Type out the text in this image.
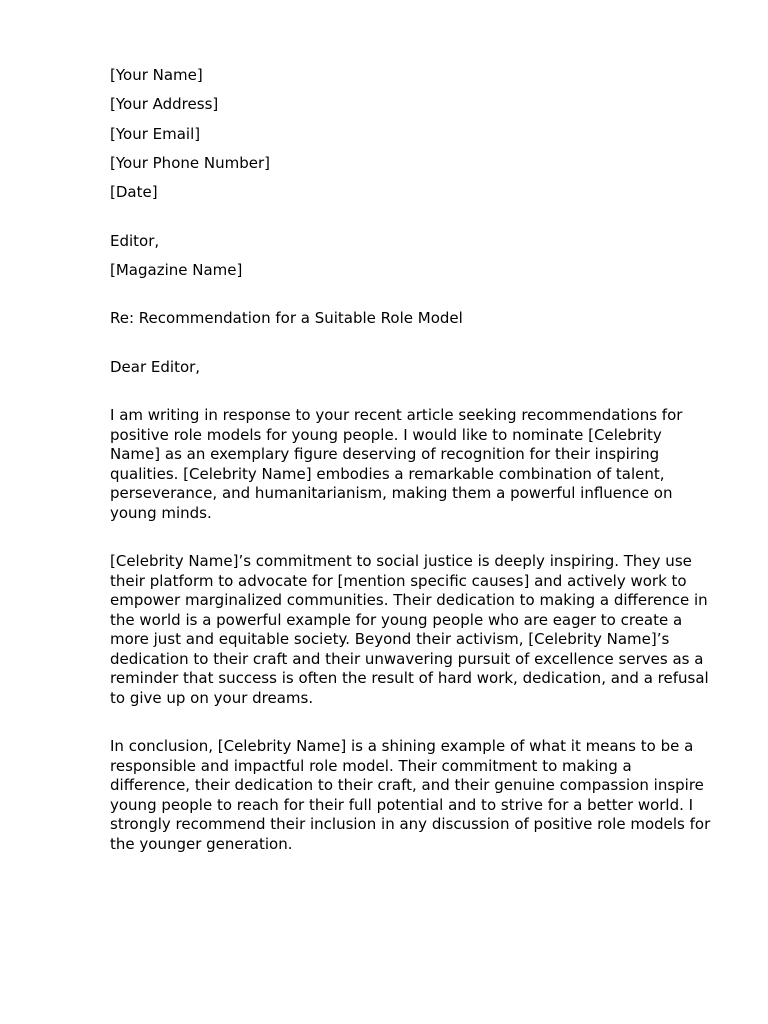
[Your Name]

[Your Address]

[Your Email]

[Your Phone Number]

[Date]

Editor,

[Magazine Name]

Re: Recommendation for a Suitable Role Model

Dear Editor,

I am writing in response to your recent article seeking recommendations for positive role models for young people. I would like to nominate [Celebrity Name] as an exemplary figure deserving of recognition for their inspiring qualities. [Celebrity Name] embodies a remarkable combination of talent, perseverance, and humanitarianism, making them a powerful influence on young minds.

[Celebrity Name]’s commitment to social justice is deeply inspiring. They use their platform to advocate for [mention specific causes] and actively work to empower marginalized communities. Their dedication to making a difference in the world is a powerful example for young people who are eager to create a more just and equitable society. Beyond their activism, [Celebrity Name]’s dedication to their craft and their unwavering pursuit of excellence serves as a reminder that success is often the result of hard work, dedication, and a refusal to give up on your dreams.

In conclusion, [Celebrity Name] is a shining example of what it means to be a responsible and impactful role model. Their commitment to making a difference, their dedication to their craft, and their genuine compassion inspire young people to reach for their full potential and to strive for a better world. I strongly recommend their inclusion in any discussion of positive role models for the younger generation.
